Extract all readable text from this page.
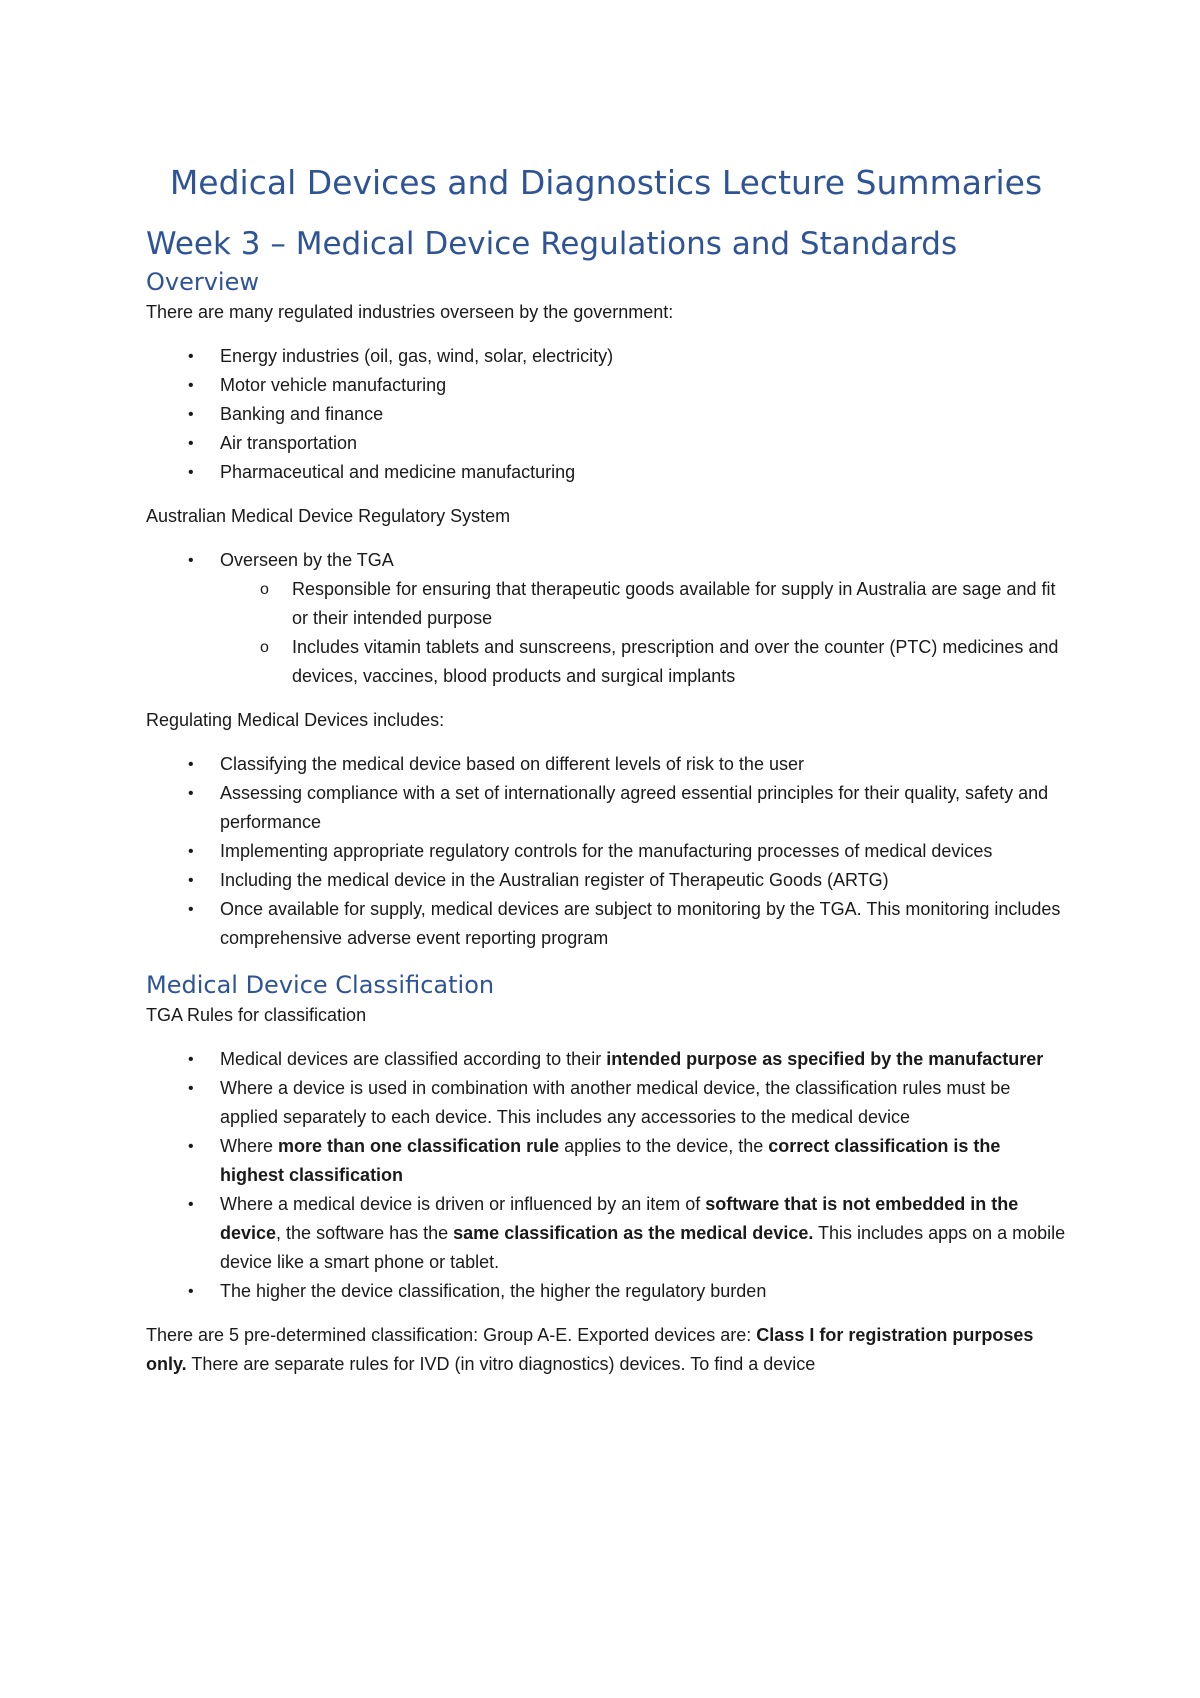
Medical Devices and Diagnostics Lecture Summaries
Week 3 – Medical Device Regulations and Standards
Overview

There are many regulated industries overseen by the government:

• Energy industries (oil, gas, wind, solar, electricity)
• Motor vehicle manufacturing
• Banking and finance
• Air transportation
• Pharmaceutical and medicine manufacturing

Australian Medical Device Regulatory System

• Overseen by the TGA
o Responsible for ensuring that therapeutic goods available for supply in Australia are sage and fit or their intended purpose
o Includes vitamin tablets and sunscreens, prescription and over the counter (PTC) medicines and devices, vaccines, blood products and surgical implants

Regulating Medical Devices includes:

• Classifying the medical device based on different levels of risk to the user
• Assessing compliance with a set of internationally agreed essential principles for their quality, safety and performance
• Implementing appropriate regulatory controls for the manufacturing processes of medical devices
• Including the medical device in the Australian register of Therapeutic Goods (ARTG)
• Once available for supply, medical devices are subject to monitoring by the TGA. This monitoring includes comprehensive adverse event reporting program
Medical Device Classification

TGA Rules for classification

• Medical devices are classified according to their intended purpose as specified by the manufacturer
• Where a device is used in combination with another medical device, the classification rules must be applied separately to each device. This includes any accessories to the medical device
• Where more than one classification rule applies to the device, the correct classification is the highest classification
• Where a medical device is driven or influenced by an item of software that is not embedded in the device, the software has the same classification as the medical device. This includes apps on a mobile device like a smart phone or tablet.
• The higher the device classification, the higher the regulatory burden

There are 5 pre-determined classification: Group A-E. Exported devices are: Class I for registration purposes only. There are separate rules for IVD (in vitro diagnostics) devices. To find a device
